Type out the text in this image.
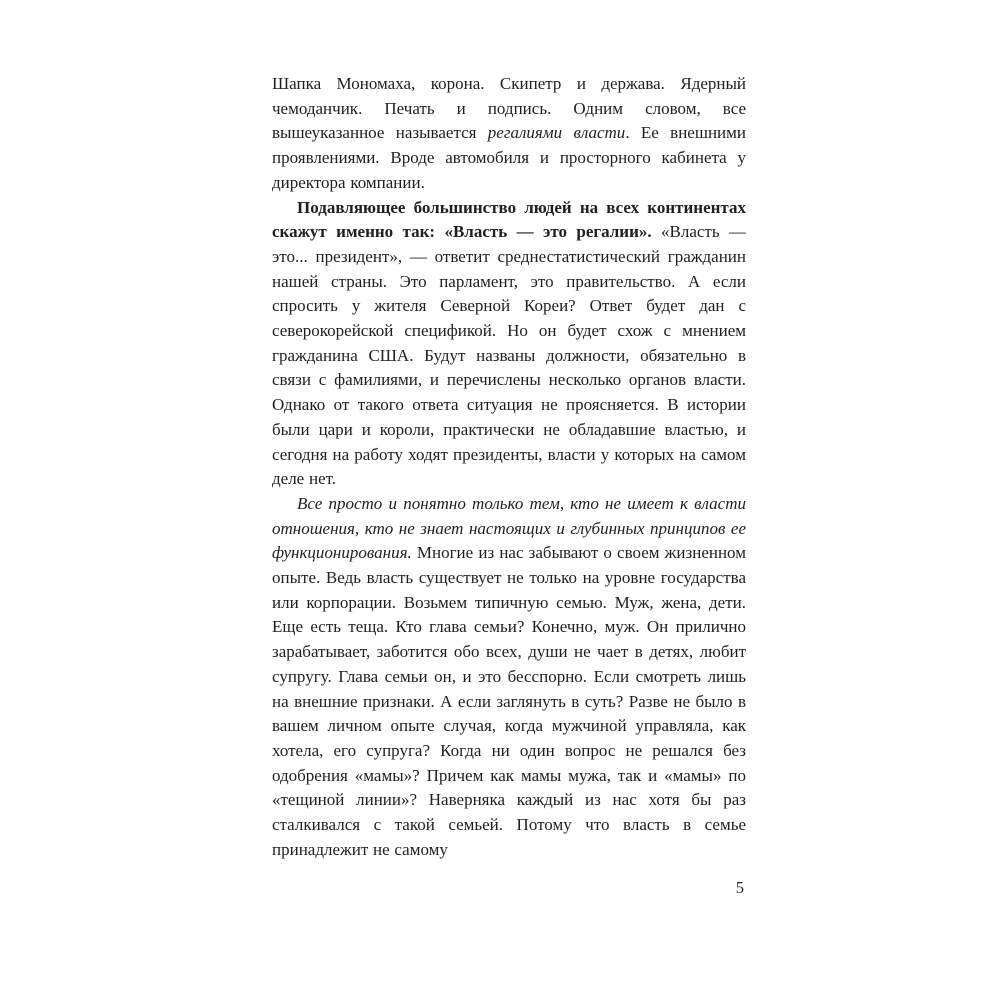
Шапка Мономаха, корона. Скипетр и держава. Ядерный чемоданчик. Печать и подпись. Одним словом, все вышеуказанное называется регалиями власти. Ее внешними проявлениями. Вроде автомобиля и просторного кабинета у директора компании.

Подавляющее большинство людей на всех континентах скажут именно так: «Власть — это регалии». «Власть — это... президент», — ответит среднестатистический гражданин нашей страны. Это парламент, это правительство. А если спросить у жителя Северной Кореи? Ответ будет дан с северокорейской спецификой. Но он будет схож с мнением гражданина США. Будут названы должности, обязательно в связи с фамилиями, и перечислены несколько органов власти. Однако от такого ответа ситуация не проясняется. В истории были цари и короли, практически не обладавшие властью, и сегодня на работу ходят президенты, власти у которых на самом деле нет.

Все просто и понятно только тем, кто не имеет к власти отношения, кто не знает настоящих и глубинных принципов ее функционирования. Многие из нас забывают о своем жизненном опыте. Ведь власть существует не только на уровне государства или корпорации. Возьмем типичную семью. Муж, жена, дети. Еще есть теща. Кто глава семьи? Конечно, муж. Он прилично зарабатывает, заботится обо всех, души не чает в детях, любит супругу. Глава семьи он, и это бесспорно. Если смотреть лишь на внешние признаки. А если заглянуть в суть? Разве не было в вашем личном опыте случая, когда мужчиной управляла, как хотела, его супруга? Когда ни один вопрос не решался без одобрения «мамы»? Причем как мамы мужа, так и «мамы» по «тещиной линии»? Наверняка каждый из нас хотя бы раз сталкивался с такой семьей. Потому что власть в семье принадлежит не самому

5
